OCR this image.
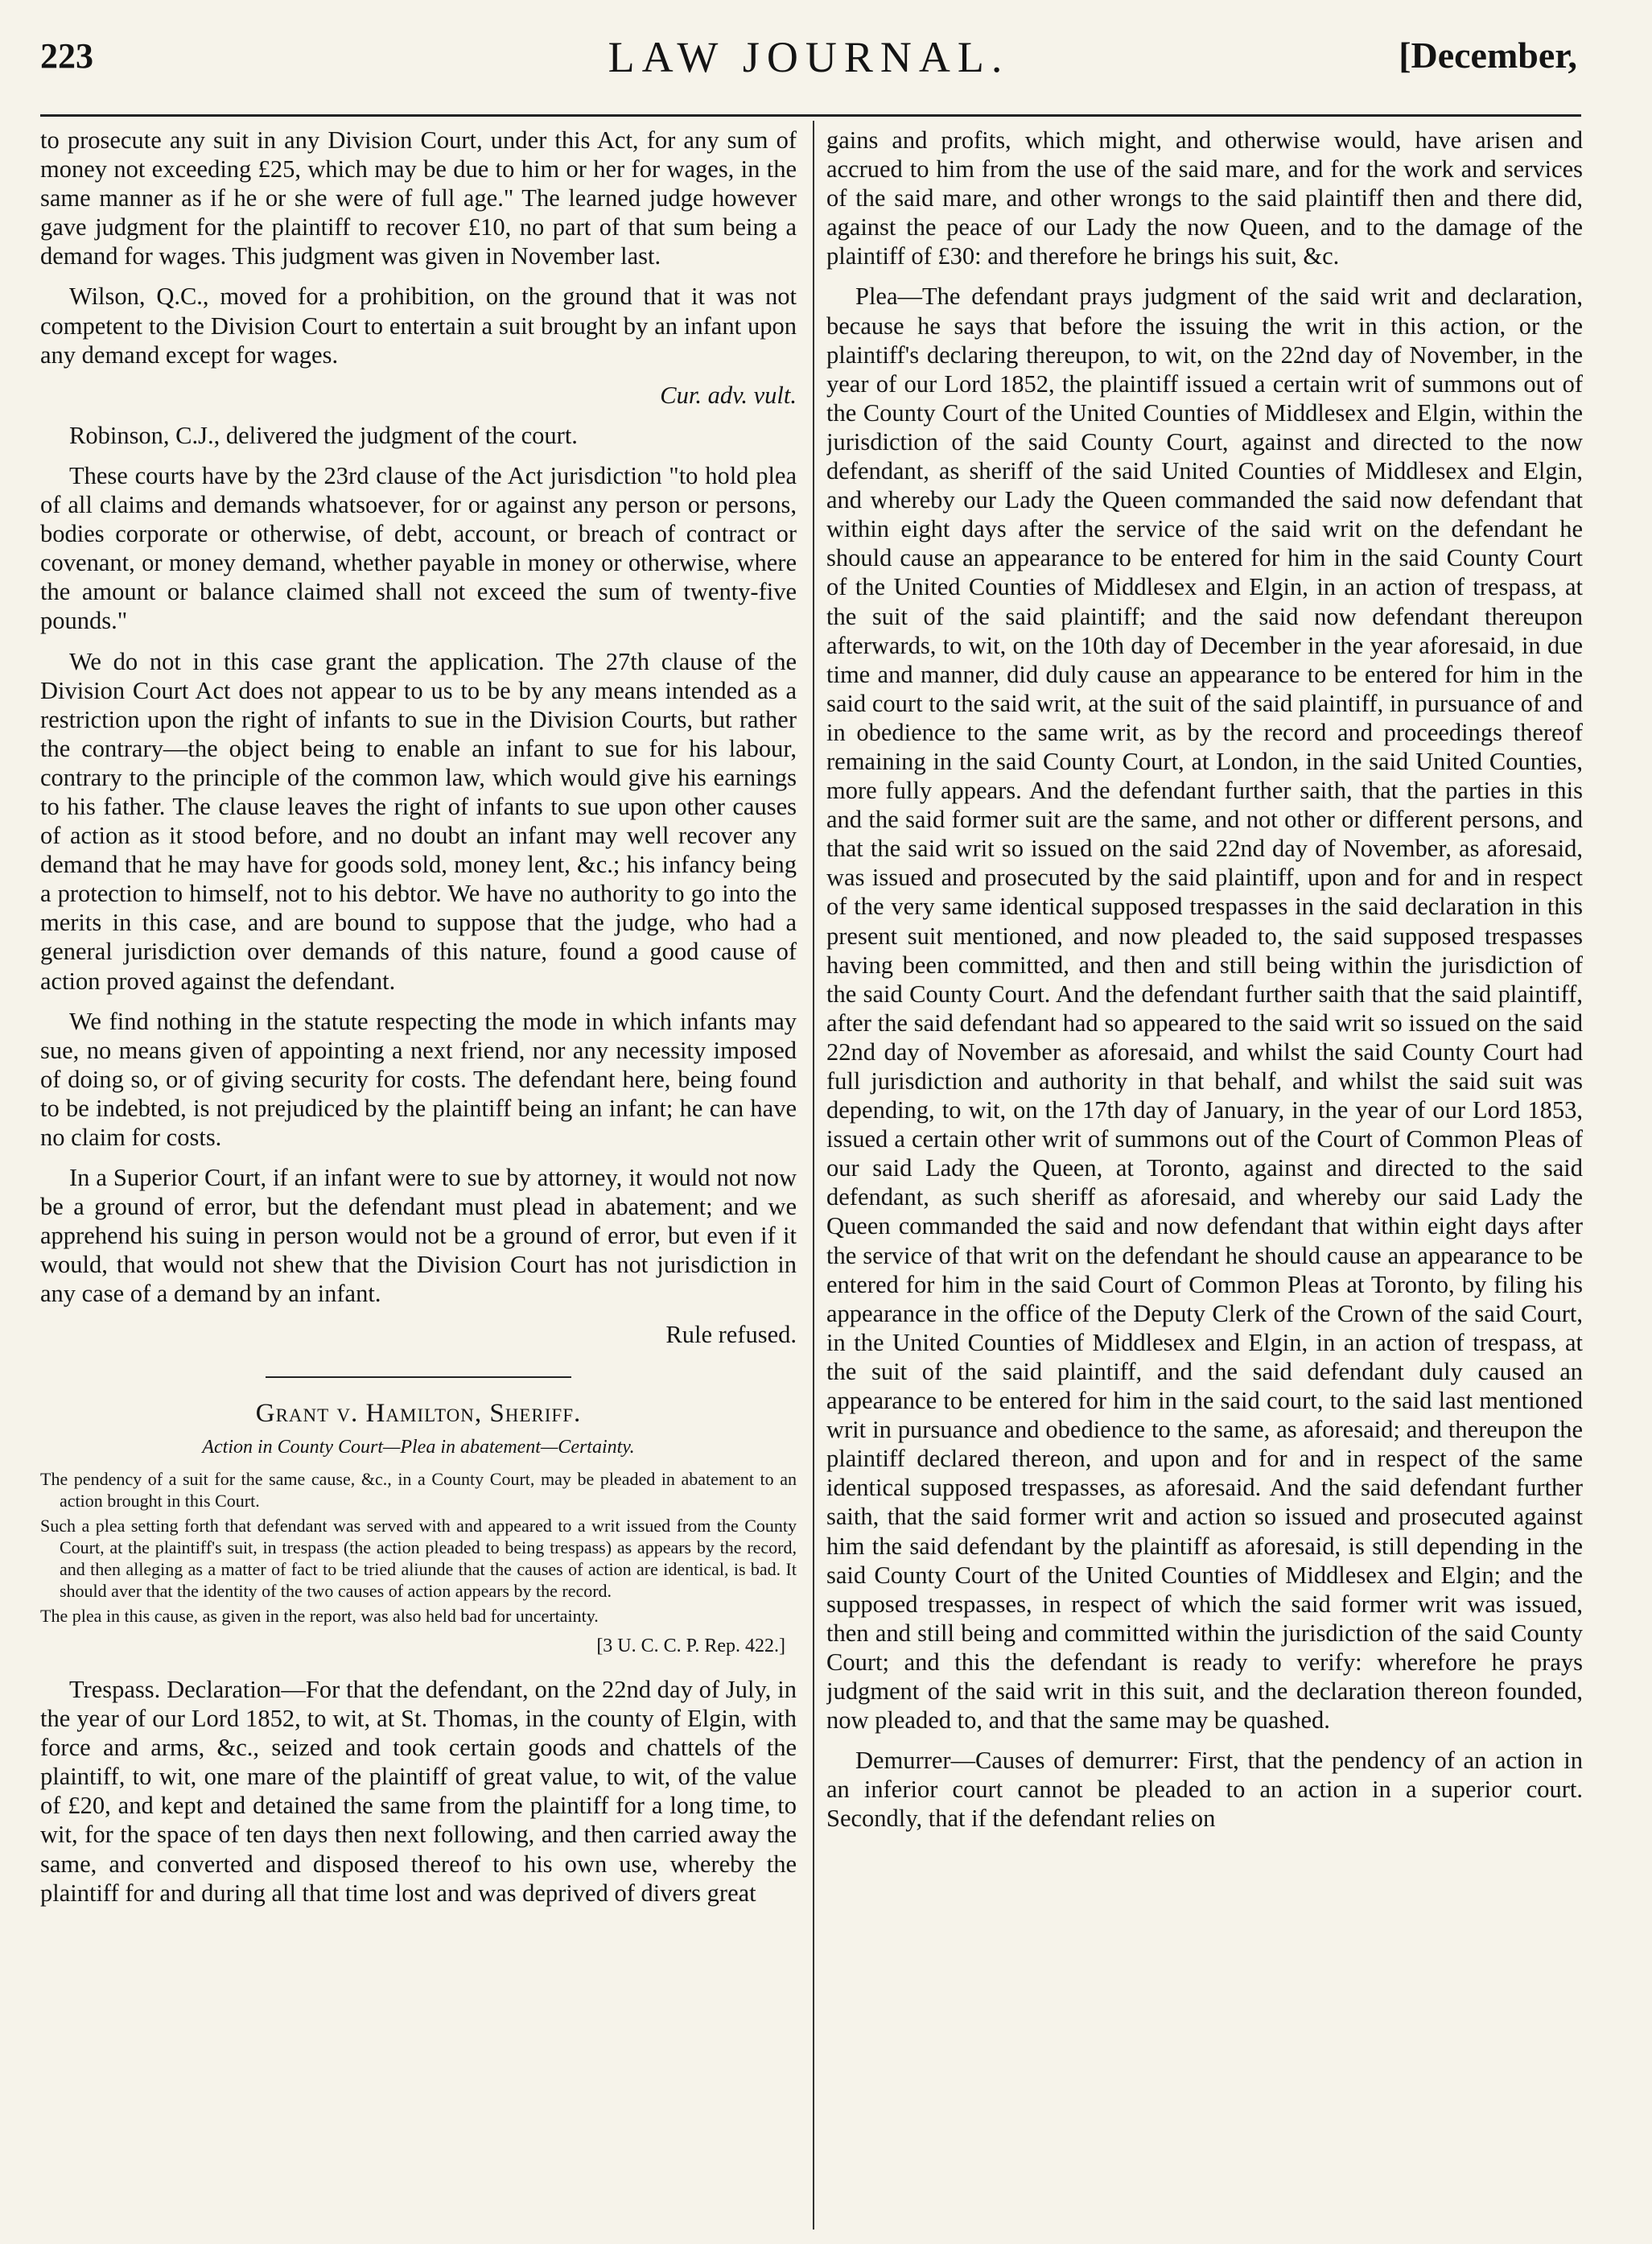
223	LAW JOURNAL.	[December,

to prosecute any suit in any Division Court, under this Act, for any sum of money not exceeding £25, which may be due to him or her for wages, in the same manner as if he or she were of full age." The learned judge however gave judgment for the plaintiff to recover £10, no part of that sum being a demand for wages. This judgment was given in November last.

Wilson, Q.C., moved for a prohibition, on the ground that it was not competent to the Division Court to entertain a suit brought by an infant upon any demand except for wages.

Cur. adv. vult.

Robinson, C.J., delivered the judgment of the court.

These courts have by the 23rd clause of the Act jurisdiction "to hold plea of all claims and demands whatsoever, for or against any person or persons, bodies corporate or otherwise, of debt, account, or breach of contract or covenant, or money demand, whether payable in money or otherwise, where the amount or balance claimed shall not exceed the sum of twenty-five pounds."

We do not in this case grant the application. The 27th clause of the Division Court Act does not appear to us to be by any means intended as a restriction upon the right of infants to sue in the Division Courts, but rather the contrary—the object being to enable an infant to sue for his labour, contrary to the principle of the common law, which would give his earnings to his father. The clause leaves the right of infants to sue upon other causes of action as it stood before, and no doubt an infant may well recover any demand that he may have for goods sold, money lent, &c.; his infancy being a protection to himself, not to his debtor. We have no authority to go into the merits in this case, and are bound to suppose that the judge, who had a general jurisdiction over demands of this nature, found a good cause of action proved against the defendant.

We find nothing in the statute respecting the mode in which infants may sue, no means given of appointing a next friend, nor any necessity imposed of doing so, or of giving security for costs. The defendant here, being found to be indebted, is not prejudiced by the plaintiff being an infant; he can have no claim for costs.

In a Superior Court, if an infant were to sue by attorney, it would not now be a ground of error, but the defendant must plead in abatement; and we apprehend his suing in person would not be a ground of error, but even if it would, that would not shew that the Division Court has not jurisdiction in any case of a demand by an infant.

Rule refused.

Grant v. Hamilton, Sheriff.
Action in County Court—Plea in abatement—Certainty.
The pendency of a suit for the same cause, &c., in a County Court, may be pleaded in abatement to an action brought in this Court.
Such a plea setting forth that defendant was served with and appeared to a writ issued from the County Court, at the plaintiff's suit, in trespass (the action pleaded to being trespass) as appears by the record, and then alleging as a matter of fact to be tried aliunde that the causes of action are identical, is bad. It should aver that the identity of the two causes of action appears by the record.
The plea in this cause, as given in the report, was also held bad for uncertainty.
[3 U. C. C. P. Rep. 422.]

Trespass. Declaration—For that the defendant, on the 22nd day of July, in the year of our Lord 1852, to wit, at St. Thomas, in the county of Elgin, with force and arms, &c., seized and took certain goods and chattels of the plaintiff, to wit, one mare of the plaintiff of great value, to wit, of the value of £20, and kept and detained the same from the plaintiff for a long time, to wit, for the space of ten days then next following, and then carried away the same, and converted and disposed thereof to his own use, whereby the plaintiff for and during all that time lost and was deprived of divers great

gains and profits, which might, and otherwise would, have arisen and accrued to him from the use of the said mare, and for the work and services of the said mare, and other wrongs to the said plaintiff then and there did, against the peace of our Lady the now Queen, and to the damage of the plaintiff of £30: and therefore he brings his suit, &c.

Plea—The defendant prays judgment of the said writ and declaration, because he says that before the issuing the writ in this action, or the plaintiff's declaring thereupon, to wit, on the 22nd day of November, in the year of our Lord 1852, the plaintiff issued a certain writ of summons out of the County Court of the United Counties of Middlesex and Elgin, within the jurisdiction of the said County Court, against and directed to the now defendant, as sheriff of the said United Counties of Middlesex and Elgin, and whereby our Lady the Queen commanded the said now defendant that within eight days after the service of the said writ on the defendant he should cause an appearance to be entered for him in the said County Court of the United Counties of Middlesex and Elgin, in an action of trespass, at the suit of the said plaintiff; and the said now defendant thereupon afterwards, to wit, on the 10th day of December in the year aforesaid, in due time and manner, did duly cause an appearance to be entered for him in the said court to the said writ, at the suit of the said plaintiff, in pursuance of and in obedience to the same writ, as by the record and proceedings thereof remaining in the said County Court, at London, in the said United Counties, more fully appears. And the defendant further saith, that the parties in this and the said former suit are the same, and not other or different persons, and that the said writ so issued on the said 22nd day of November, as aforesaid, was issued and prosecuted by the said plaintiff, upon and for and in respect of the very same identical supposed trespasses in the said declaration in this present suit mentioned, and now pleaded to, the said supposed trespasses having been committed, and then and still being within the jurisdiction of the said County Court. And the defendant further saith that the said plaintiff, after the said defendant had so appeared to the said writ so issued on the said 22nd day of November as aforesaid, and whilst the said County Court had full jurisdiction and authority in that behalf, and whilst the said suit was depending, to wit, on the 17th day of January, in the year of our Lord 1853, issued a certain other writ of summons out of the Court of Common Pleas of our said Lady the Queen, at Toronto, against and directed to the said defendant, as such sheriff as aforesaid, and whereby our said Lady the Queen commanded the said and now defendant that within eight days after the service of that writ on the defendant he should cause an appearance to be entered for him in the said Court of Common Pleas at Toronto, by filing his appearance in the office of the Deputy Clerk of the Crown of the said Court, in the United Counties of Middlesex and Elgin, in an action of trespass, at the suit of the said plaintiff, and the said defendant duly caused an appearance to be entered for him in the said court, to the said last mentioned writ in pursuance and obedience to the same, as aforesaid; and thereupon the plaintiff declared thereon, and upon and for and in respect of the same identical supposed trespasses, as aforesaid. And the said defendant further saith, that the said former writ and action so issued and prosecuted against him the said defendant by the plaintiff as aforesaid, is still depending in the said County Court of the United Counties of Middlesex and Elgin; and the supposed trespasses, in respect of which the said former writ was issued, then and still being and committed within the jurisdiction of the said County Court; and this the defendant is ready to verify: wherefore he prays judgment of the said writ in this suit, and the declaration thereon founded, now pleaded to, and that the same may be quashed.

Demurrer—Causes of demurrer: First, that the pendency of an action in an inferior court cannot be pleaded to an action in a superior court. Secondly, that if the defendant relies on
